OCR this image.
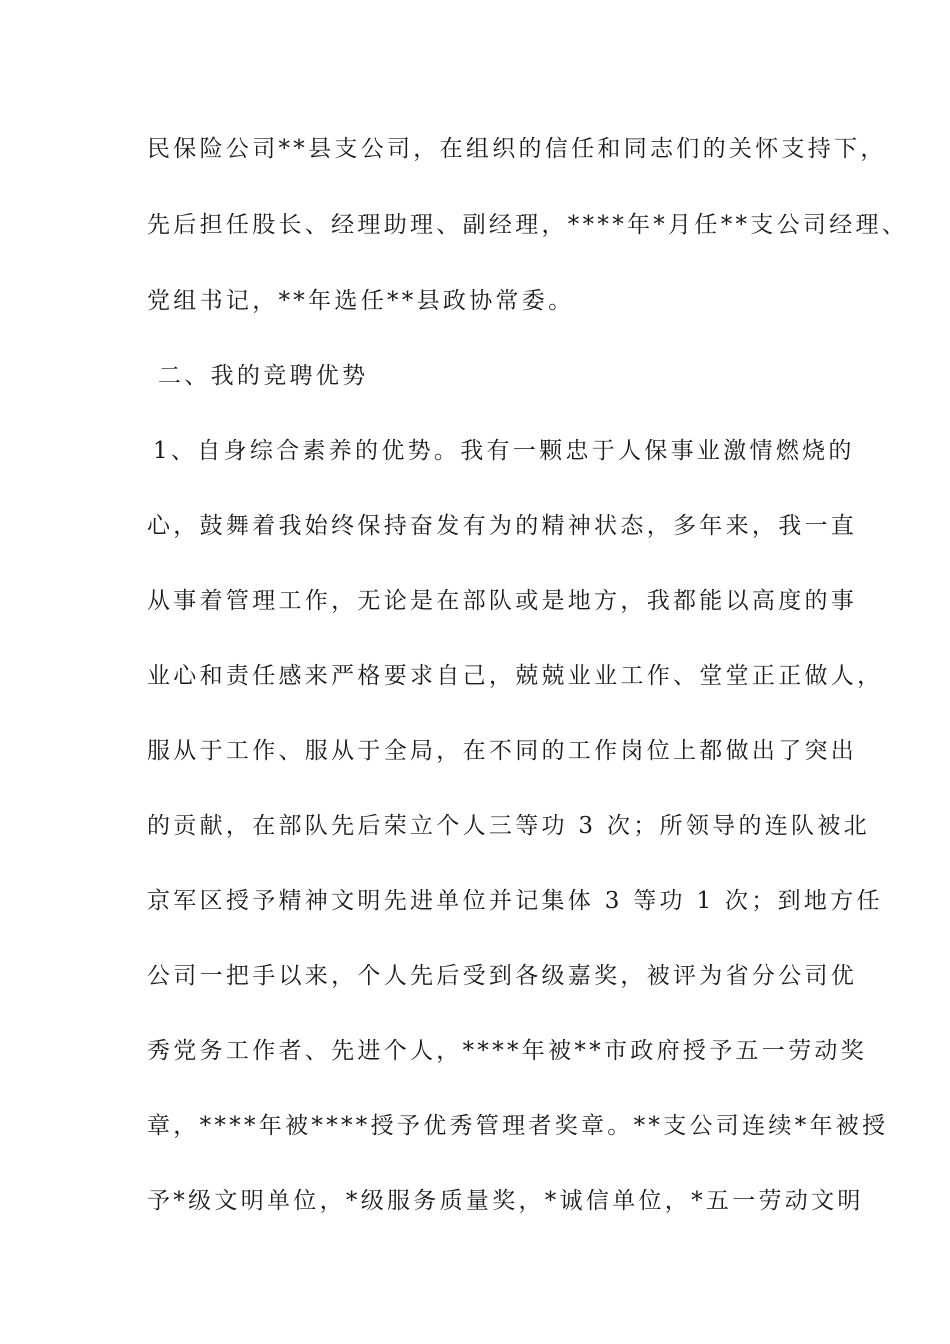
民保险公司**县支公司，在组织的信任和同志们的关怀支持下，
先后担任股长、经理助理、副经理，****年*月任**支公司经理、
党组书记，**年选任**县政协常委。
二、我的竞聘优势
1、自身综合素养的优势。我有一颗忠于人保事业激情燃烧的
心，鼓舞着我始终保持奋发有为的精神状态，多年来，我一直
从事着管理工作，无论是在部队或是地方，我都能以高度的事
业心和责任感来严格要求自己，兢兢业业工作、堂堂正正做人，
服从于工作、服从于全局，在不同的工作岗位上都做出了突出
的贡献，在部队先后荣立个人三等功 3 次；所领导的连队被北
京军区授予精神文明先进单位并记集体 3 等功 1 次；到地方任
公司一把手以来，个人先后受到各级嘉奖，被评为省分公司优
秀党务工作者、先进个人，****年被**市政府授予五一劳动奖
章，****年被****授予优秀管理者奖章。**支公司连续*年被授
予*级文明单位，*级服务质量奖，*诚信单位，*五一劳动文明
